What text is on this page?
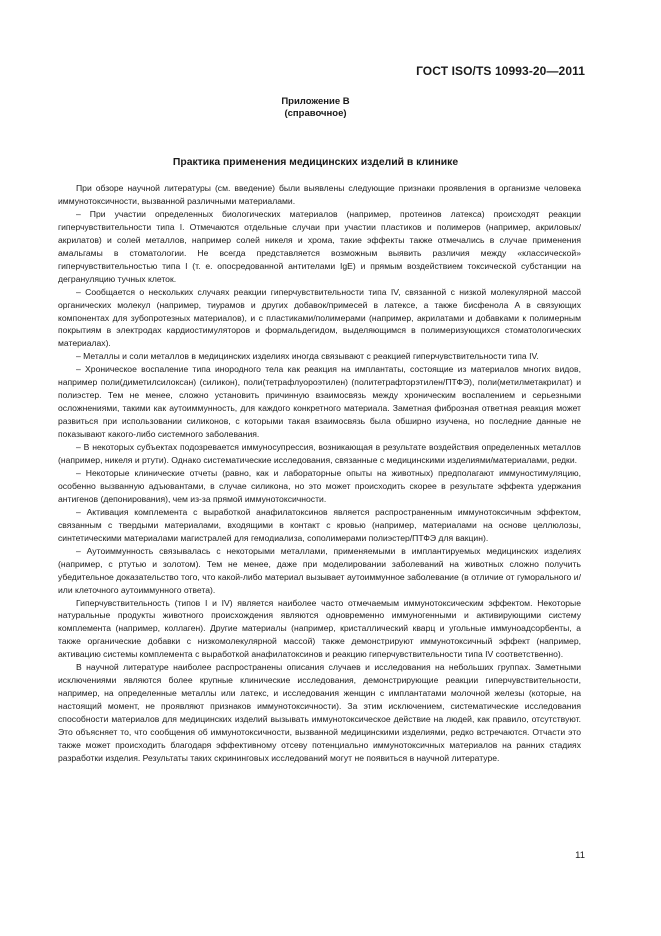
ГОСТ ISO/TS 10993-20—2011
Приложение В
(справочное)
Практика применения медицинских изделий в клинике

При обзоре научной литературы (см. введение) были выявлены следующие признаки проявления в организме человека иммунотоксичности, вызванной различными материалами.

– При участии определенных биологических материалов (например, протеинов латекса) происходят реакции гиперчувствительности типа I. Отмечаются отдельные случаи при участии пластиков и полимеров (например, акриловых/акрилатов) и солей металлов, например солей никеля и хрома, такие эффекты также отмечались в случае применения амальгамы в стоматологии. Не всегда представляется возможным выявить различия между «классической» гиперчувствительностью типа I (т. е. опосредованной антителами IgE) и прямым воздействием токсической субстанции на дегрануляцию тучных клеток.

– Сообщается о нескольких случаях реакции гиперчувствительности типа IV, связанной с низкой молекулярной массой органических молекул (например, тиурамов и других добавок/примесей в латексе, а также бисфенола А в связующих компонентах для зубопротезных материалов), и с пластиками/полимерами (например, акрилатами и добавками к полимерным покрытиям в электродах кардиостимуляторов и формальдегидом, выделяющимся в полимеризующихся стоматологических материалах).

– Металлы и соли металлов в медицинских изделиях иногда связывают с реакцией гиперчувствительности типа IV.

– Хроническое воспаление типа инородного тела как реакция на имплантаты, состоящие из материалов многих видов, например поли(диметилсилоксан) (силикон), поли(тетрафлуороэтилен) (политетрафторэтилен/ПТФЭ), поли(метилметакрилат) и полиэстер. Тем не менее, сложно установить причинную взаимосвязь между хроническим воспалением и серьезными осложнениями, такими как аутоиммунность, для каждого конкретного материала. Заметная фиброзная ответная реакция может развиться при использовании силиконов, с которыми такая взаимосвязь была обширно изучена, но последние данные не показывают какого-либо системного заболевания.

– В некоторых субъектах подозревается иммуносупрессия, возникающая в результате воздействия определенных металлов (например, никеля и ртути). Однако систематические исследования, связанные с медицинскими изделиями/материалами, редки.

– Некоторые клинические отчеты (равно, как и лабораторные опыты на животных) предполагают иммуностимуляцию, особенно вызванную адъювантами, в случае силикона, но это может происходить скорее в результате эффекта удержания антигенов (депонирования), чем из-за прямой иммунотоксичности.

– Активация комплемента с выработкой анафилатоксинов является распространенным иммунотоксичным эффектом, связанным с твердыми материалами, входящими в контакт с кровью (например, материалами на основе целлюлозы, синтетическими материалами магистралей для гемодиализа, сополимерами полиэстер/ПТФЭ для вакцин).

– Аутоиммунность связывалась с некоторыми металлами, применяемыми в имплантируемых медицинских изделиях (например, с ртутью и золотом). Тем не менее, даже при моделировании заболеваний на животных сложно получить убедительное доказательство того, что какой-либо материал вызывает аутоиммунное заболевание (в отличие от гуморального и/или клеточного аутоиммунного ответа).

Гиперчувствительность (типов I и IV) является наиболее часто отмечаемым иммунотоксическим эффектом. Некоторые натуральные продукты животного происхождения являются одновременно иммуногенными и активирующими систему комплемента (например, коллаген). Другие материалы (например, кристаллический кварц и угольные иммуноадсорбенты, а также органические добавки с низкомолекулярной массой) также демонстрируют иммунотоксичный эффект (например, активацию системы комплемента с выработкой анафилатоксинов и реакцию гиперчувствительности типа IV соответственно).

В научной литературе наиболее распространены описания случаев и исследования на небольших группах. Заметными исключениями являются более крупные клинические исследования, демонстрирующие реакции гиперчувствительности, например, на определенные металлы или латекс, и исследования женщин с имплантатами молочной железы (которые, на настоящий момент, не проявляют признаков иммунотоксичности). За этим исключением, систематические исследования способности материалов для медицинских изделий вызывать иммунотоксическое действие на людей, как правило, отсутствуют. Это объясняет то, что сообщения об иммунотоксичности, вызванной медицинскими изделиями, редко встречаются. Отчасти это также может происходить благодаря эффективному отсеву потенциально иммунотоксичных материалов на ранних стадиях разработки изделия. Результаты таких скрининговых исследований могут не появиться в научной литературе.

11
